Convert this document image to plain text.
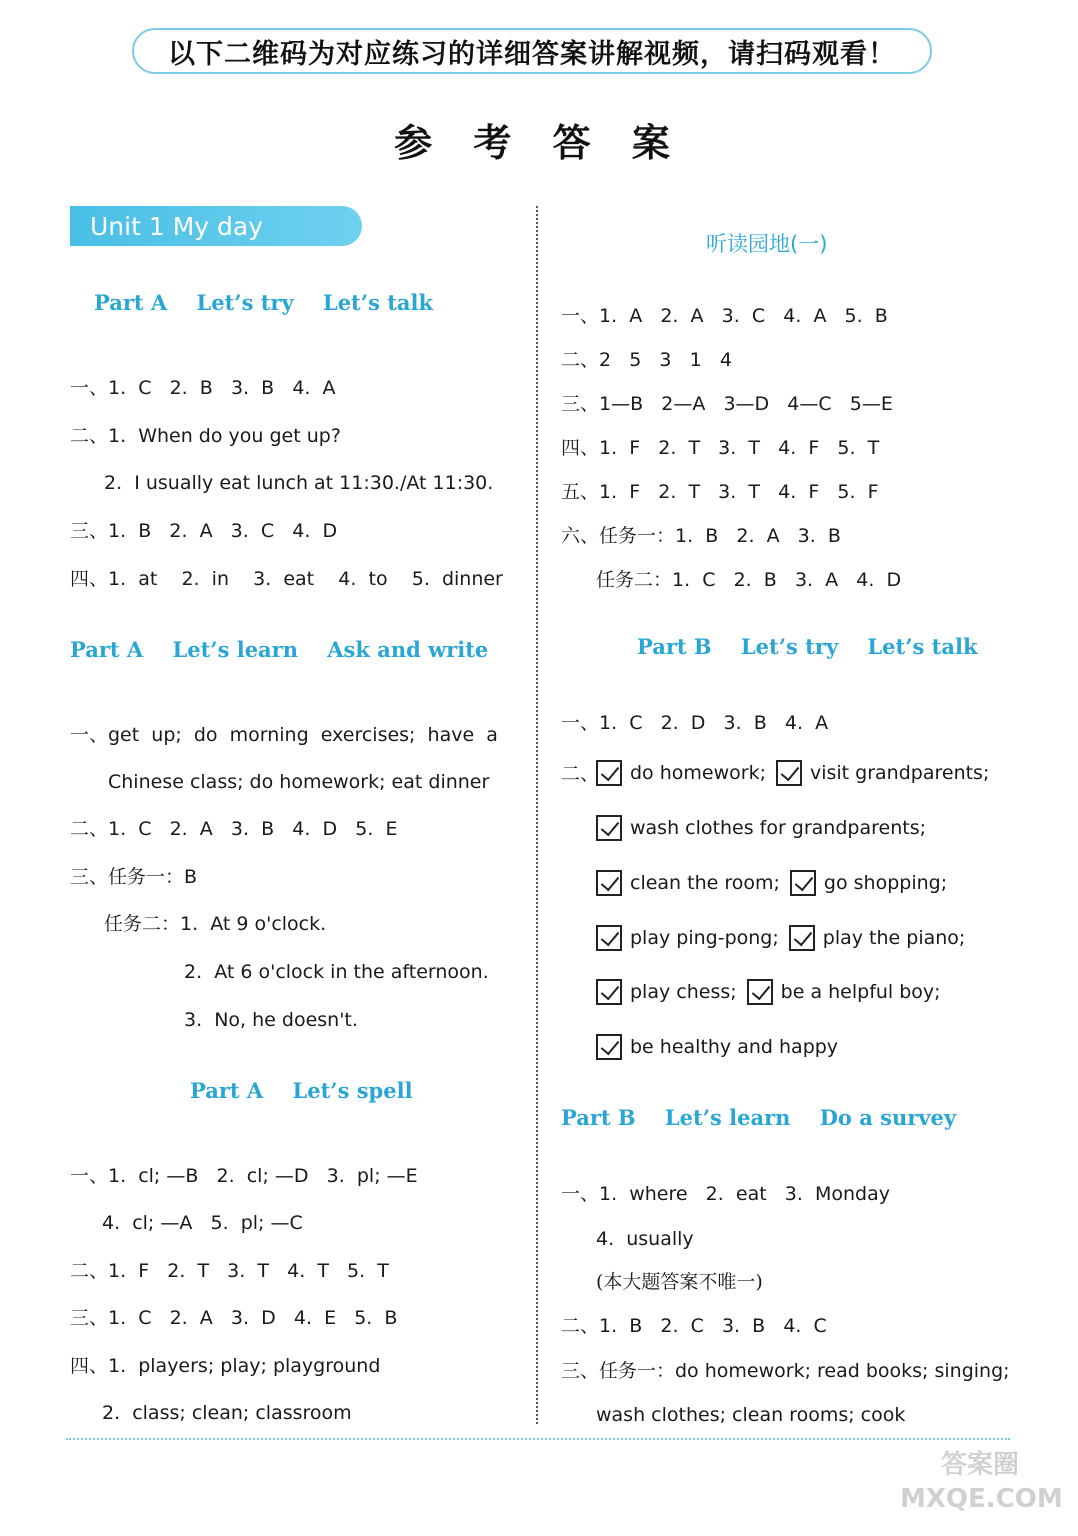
以下二维码为对应练习的详细答案讲解视频，请扫码观看！
参 考 答 案
Unit 1 My day
Part A    Let’s try    Let’s talk
一、1.  C   2.  B   3.  B   4.  A
二、1.  When do you get up?
2.  I usually eat lunch at 11:30./At 11:30.
三、1.  B   2.  A   3.  C   4.  D
四、1.  at    2.  in    3.  eat    4.  to    5.  dinner
Part A    Let’s learn    Ask and write
一、get  up;  do  morning  exercises;  have  a
Chinese class; do homework; eat dinner
二、1.  C   2.  A   3.  B   4.  D   5.  E
三、任务一：B
任务二：1.  At 9 o'clock.
2.  At 6 o'clock in the afternoon.
3.  No, he doesn't.
Part A    Let’s spell
一、1.  cl; —B   2.  cl; —D   3.  pl; —E
4.  cl; —A   5.  pl; —C
二、1.  F   2.  T   3.  T   4.  T   5.  T
三、1.  C   2.  A   3.  D   4.  E   5.  B
四、1.  players; play; playground
2.  class; clean; classroom
听读园地(一)
一、1.  A   2.  A   3.  C   4.  A   5.  B
二、2   5   3   1   4
三、1—B   2—A   3—D   4—C   5—E
四、1.  F   2.  T   3.  T   4.  F   5.  T
五、1.  F   2.  T   3.  T   4.  F   5.  F
六、任务一：1.  B   2.  A   3.  B
任务二：1.  C   2.  B   3.  A   4.  D
Part B    Let’s try    Let’s talk
一、1.  C   2.  D   3.  B   4.  A
Part B    Let’s learn    Do a survey
一、1.  where   2.  eat   3.  Monday
4.  usually
(本大题答案不唯一)
二、1.  B   2.  C   3.  B   4.  C
三、任务一：do homework; read books; singing;
wash clothes; clean rooms; cook
二、 do homework; visit grandparents;
wash clothes for grandparents;
clean the room; go shopping;
play ping-pong; play the piano;
play chess; be a helpful boy;
be healthy and happy
答案圈
MXQE.COM
